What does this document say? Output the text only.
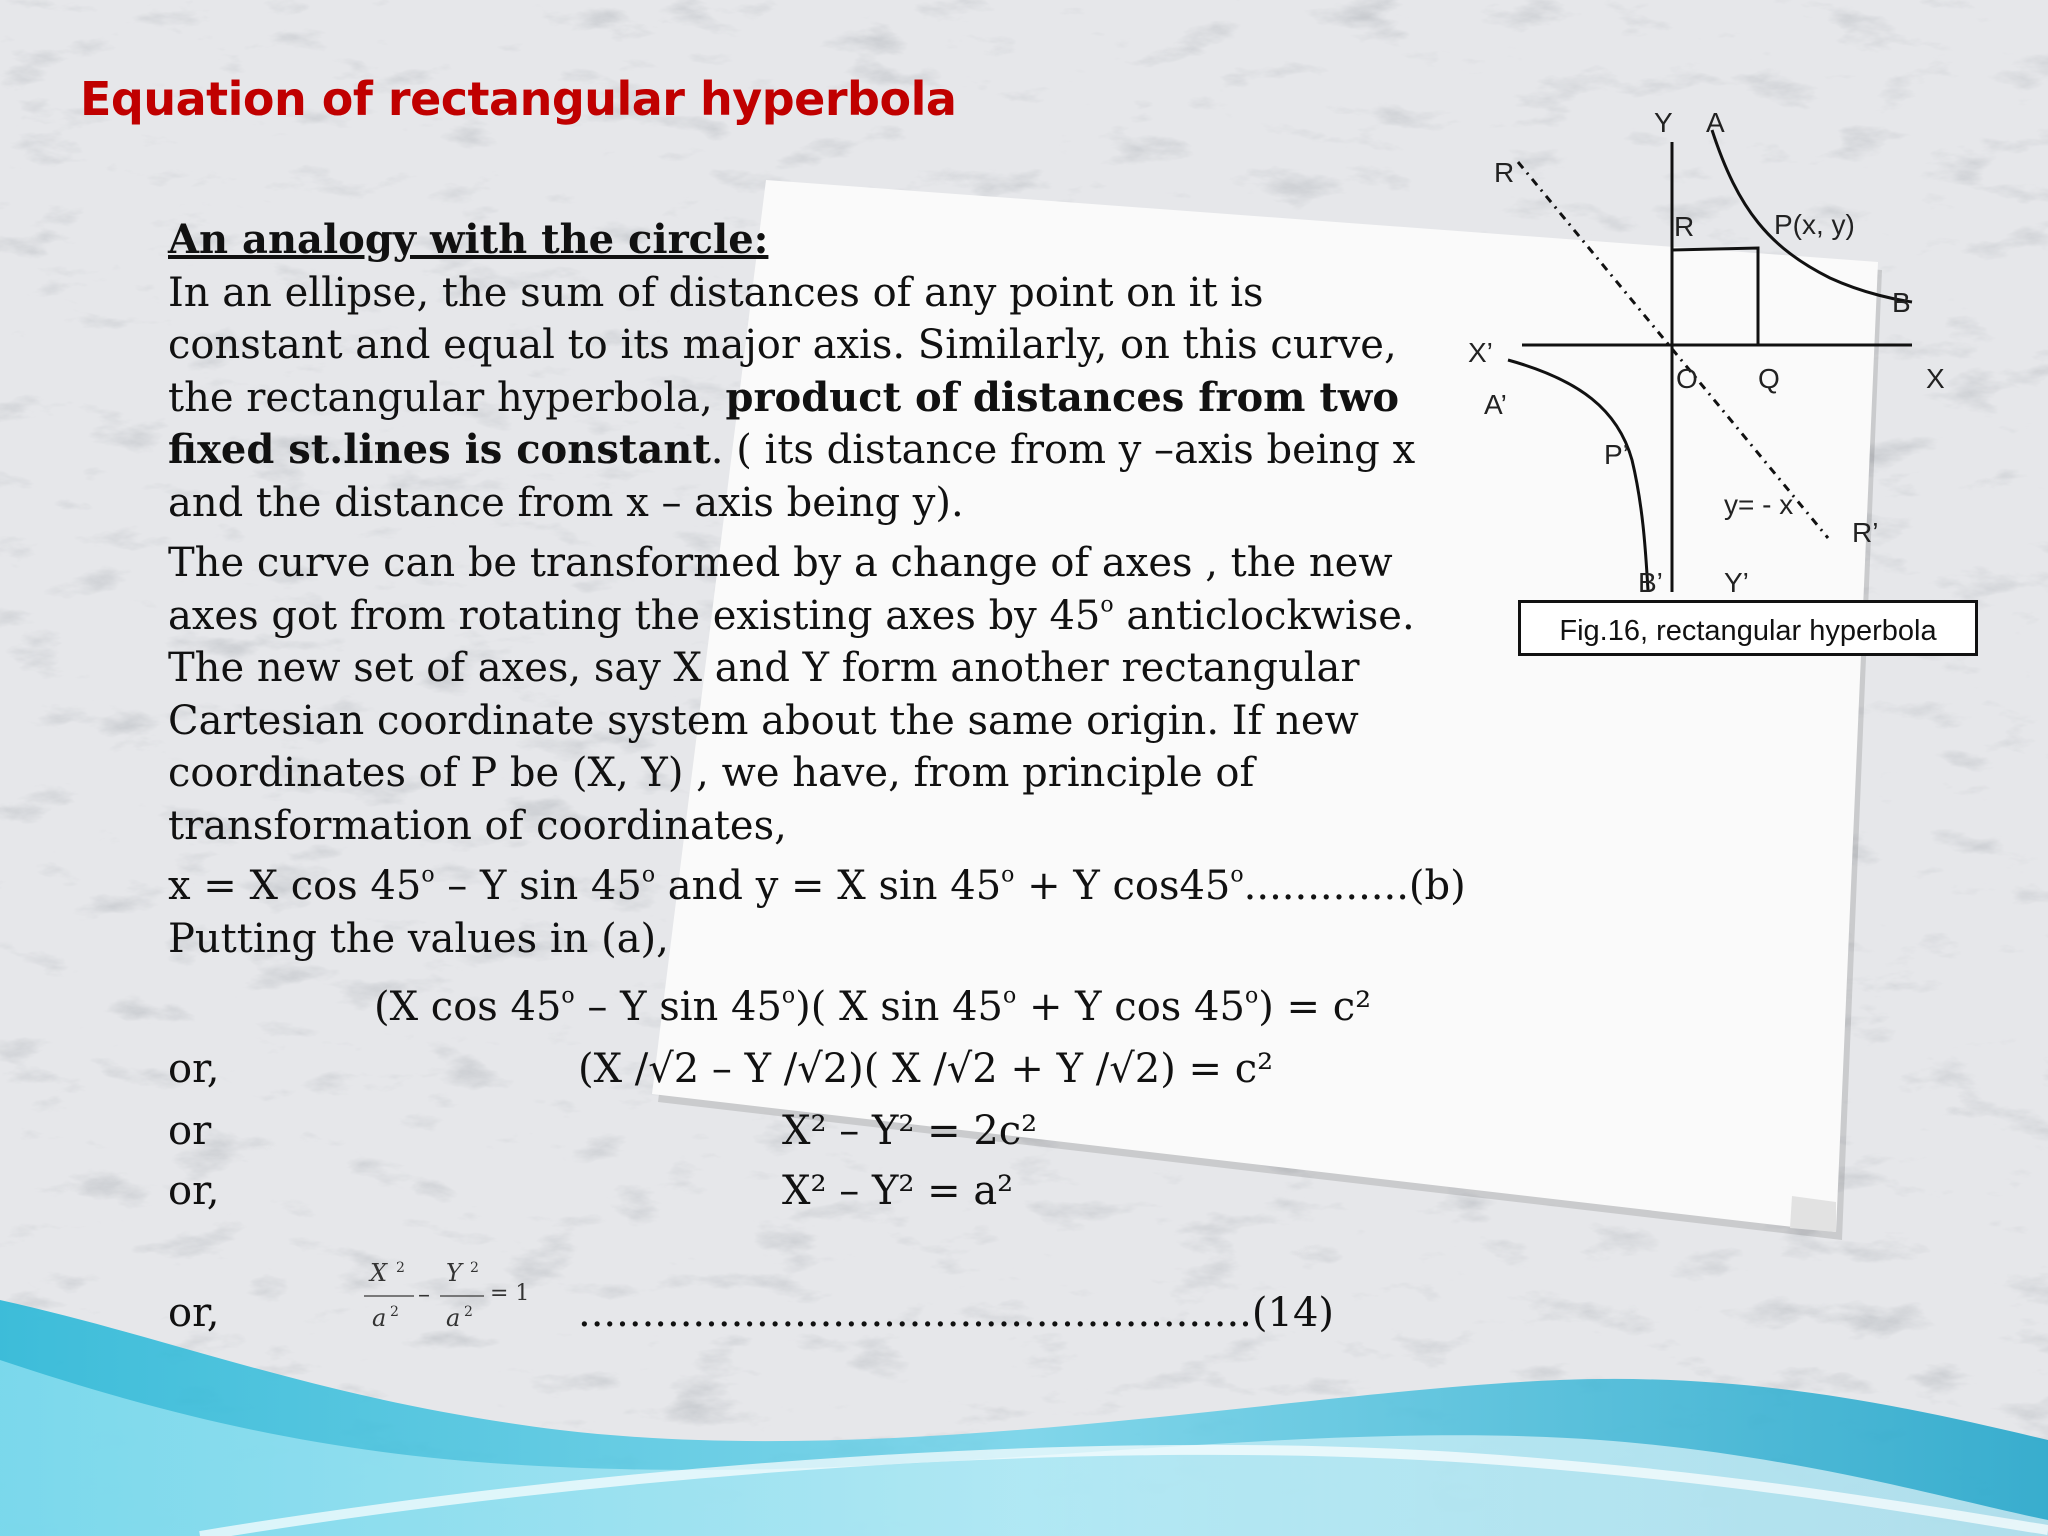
Equation of rectangular hyperbola
An analogy with the circle:
In an ellipse, the sum of distances of any point on it is
constant and equal to its major axis. Similarly, on this curve,
the rectangular hyperbola, product of distances from two
fixed st.lines is constant. ( its distance from y –axis being x
and the distance from x – axis being y).
The curve can be transformed by a change of axes , the new
axes got from rotating the existing axes by 45$^o$ anticlockwise.
The new set of axes, say X and Y form another rectangular
Cartesian coordinate system about the same origin. If new
coordinates of P be (X, Y) , we have, from principle of
transformation of coordinates,
x = X cos 45$^o$ – Y sin 45$^o$ and y = X $\sin 45^o + Y$ cos45$^o$.............(b)
Putting the values in (a),
(X cos 45$^o$ – Y sin 45$^o$)( X $\sin 45^o + Y$ $\cos 45^o) = c^2$
or,	(X /√2 – Y /√2)( X /√2 + Y /√2) = c²
or	X² – Y² = 2c²
or,	X² – Y² = a²
or,
X 2
a 2
–
Y 2
a 2
= 1 .....................................................(14)
Y A
R
R	P(x, y)
B
X’
X
O Q
A’
P’
y= - x
R’
B’ Y’
Fig.16, rectangular hyperbola
